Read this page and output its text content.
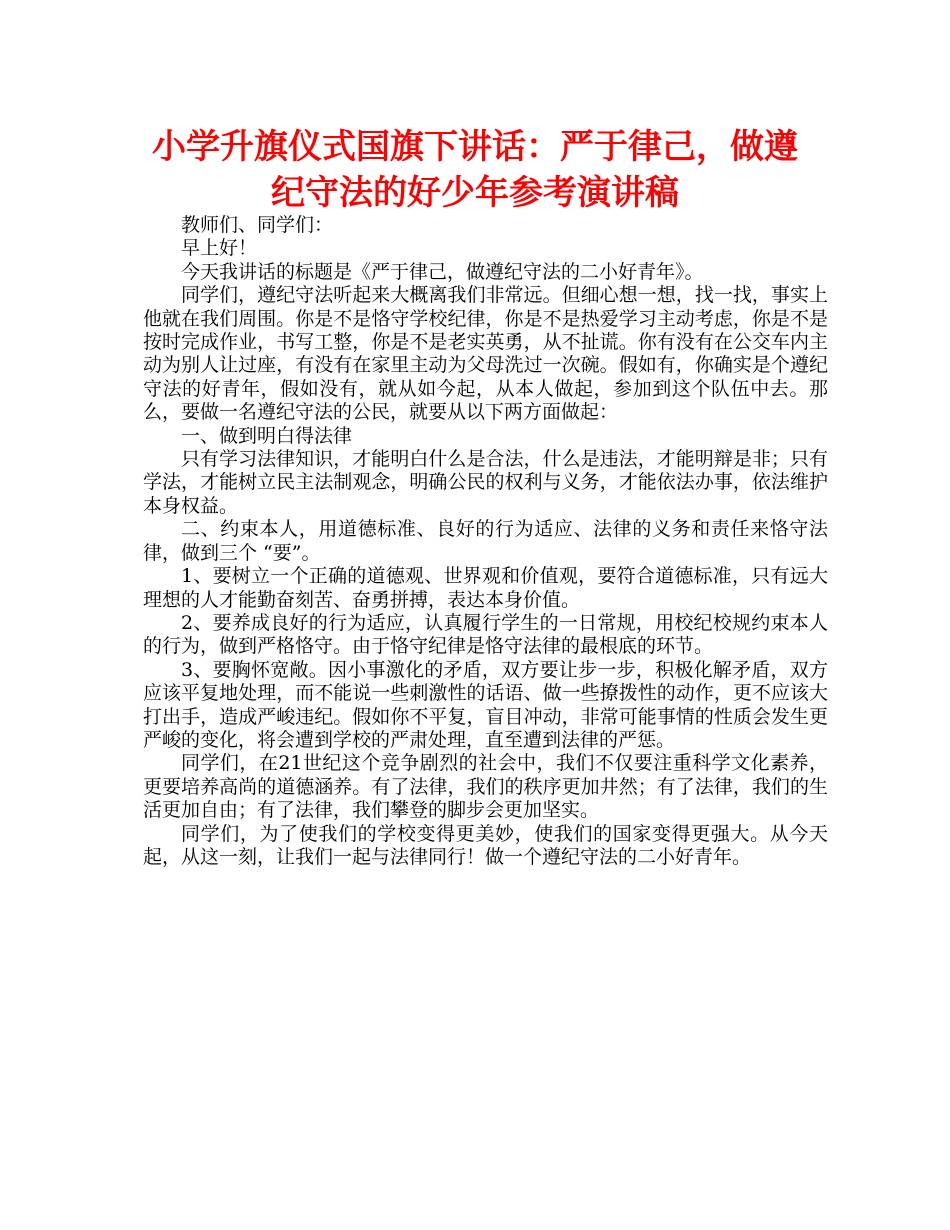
小学升旗仪式国旗下讲话：严于律己，做遵纪守法的好少年参考演讲稿

教师们、同学们：

早上好！

今天我讲话的标题是《严于律己，做遵纪守法的二小好青年》。

同学们，遵纪守法听起来大概离我们非常远。但细心想一想，找一找，事实上他就在我们周围。你是不是恪守学校纪律，你是不是热爱学习主动考虑，你是不是按时完成作业，书写工整，你是不是老实英勇，从不扯谎。你有没有在公交车内主动为别人让过座，有没有在家里主动为父母洗过一次碗。假如有，你确实是个遵纪守法的好青年，假如没有，就从如今起，从本人做起，参加到这个队伍中去。那么，要做一名遵纪守法的公民，就要从以下两方面做起：

一、做到明白得法律

只有学习法律知识，才能明白什么是合法，什么是违法，才能明辩是非；只有学法，才能树立民主法制观念，明确公民的权利与义务，才能依法办事，依法维护本身权益。

二、约束本人，用道德标准、良好的行为适应、法律的义务和责任来恪守法律，做到三个 “要”。

1、要树立一个正确的道德观、世界观和价值观，要符合道德标准，只有远大理想的人才能勤奋刻苦、奋勇拼搏，表达本身价值。

2、要养成良好的行为适应，认真履行学生的一日常规，用校纪校规约束本人的行为，做到严格恪守。由于恪守纪律是恪守法律的最根底的环节。

3、要胸怀宽敞。因小事激化的矛盾，双方要让步一步，积极化解矛盾，双方应该平复地处理，而不能说一些刺激性的话语、做一些撩拨性的动作，更不应该大打出手，造成严峻违纪。假如你不平复，盲目冲动，非常可能事情的性质会发生更严峻的变化，将会遭到学校的严肃处理，直至遭到法律的严惩。

同学们，在21世纪这个竞争剧烈的社会中，我们不仅要注重科学文化素养，更要培养高尚的道德涵养。有了法律，我们的秩序更加井然；有了法律，我们的生活更加自由；有了法律，我们攀登的脚步会更加坚实。

同学们，为了使我们的学校变得更美妙，使我们的国家变得更强大。从今天起，从这一刻，让我们一起与法律同行！做一个遵纪守法的二小好青年。
